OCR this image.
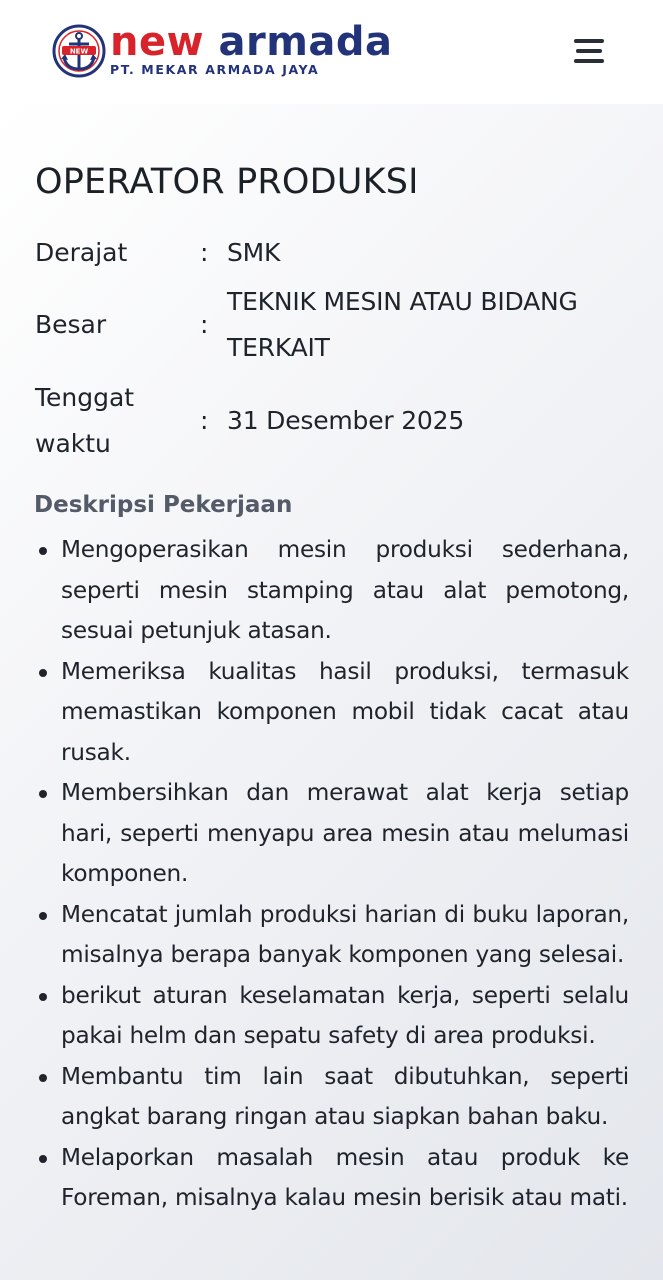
NEW new armada
PT. MEKAR ARMADA JAYA
OPERATOR PRODUKSI
Derajat	: SMK
Besar	:
TEKNIK MESIN ATAU BIDANG TERKAIT
Tenggat waktu
: 31 Desember 2025
Deskripsi Pekerjaan
Mengoperasikan mesin produksi sederhana, seperti mesin stamping atau alat pemotong, sesuai petunjuk atasan.
Memeriksa kualitas hasil produksi, termasuk memastikan komponen mobil tidak cacat atau rusak.
Membersihkan dan merawat alat kerja setiap hari, seperti menyapu area mesin atau melumasi komponen.
Mencatat jumlah produksi harian di buku laporan, misalnya berapa banyak komponen yang selesai.
berikut aturan keselamatan kerja, seperti selalu pakai helm dan sepatu safety di area produksi.
Membantu tim lain saat dibutuhkan, seperti angkat barang ringan atau siapkan bahan baku.
Melaporkan masalah mesin atau produk ke Foreman, misalnya kalau mesin berisik atau mati.
